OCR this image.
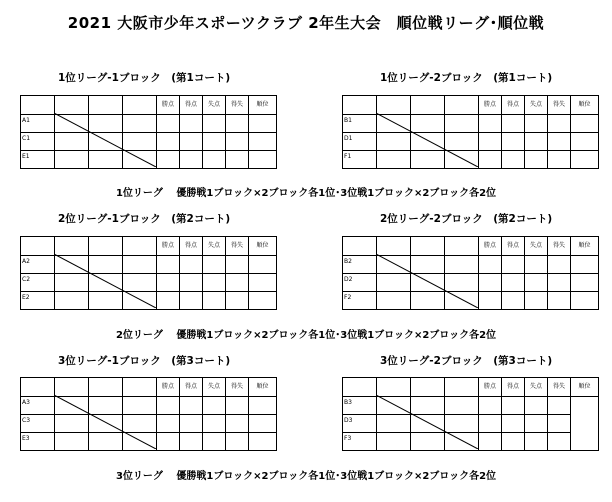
2021 大阪市少年スポーツクラブ 2年生大会　順位戦リーグ･順位戦
1位リーグ-1ブロック　(第1コート)	1位リーグ-2ブロック　(第1コート)
				勝点	得点	失点	得失	順位
A1								
C1								
E1								
				勝点	得点	失点	得失	順位
B1								
D1								
F1								
1位リーグ　 優勝戦1ブロック×2ブロック各1位･3位戦1ブロック×2ブロック各2位
2位リーグ-1ブロック　(第2コート)	2位リーグ-2ブロック　(第2コート)
				勝点	得点	失点	得失	順位
A2								
C2								
E2								
				勝点	得点	失点	得失	順位
B2								
D2								
F2								
2位リーグ　 優勝戦1ブロック×2ブロック各1位･3位戦1ブロック×2ブロック各2位
3位リーグ-1ブロック　(第3コート)	3位リーグ-2ブロック　(第3コート)
				勝点	得点	失点	得失	順位
A3								
C3								
E3								
				勝点	得点	失点	得失	順位
B3								
D3								
F3								
3位リーグ　 優勝戦1ブロック×2ブロック各1位･3位戦1ブロック×2ブロック各2位
